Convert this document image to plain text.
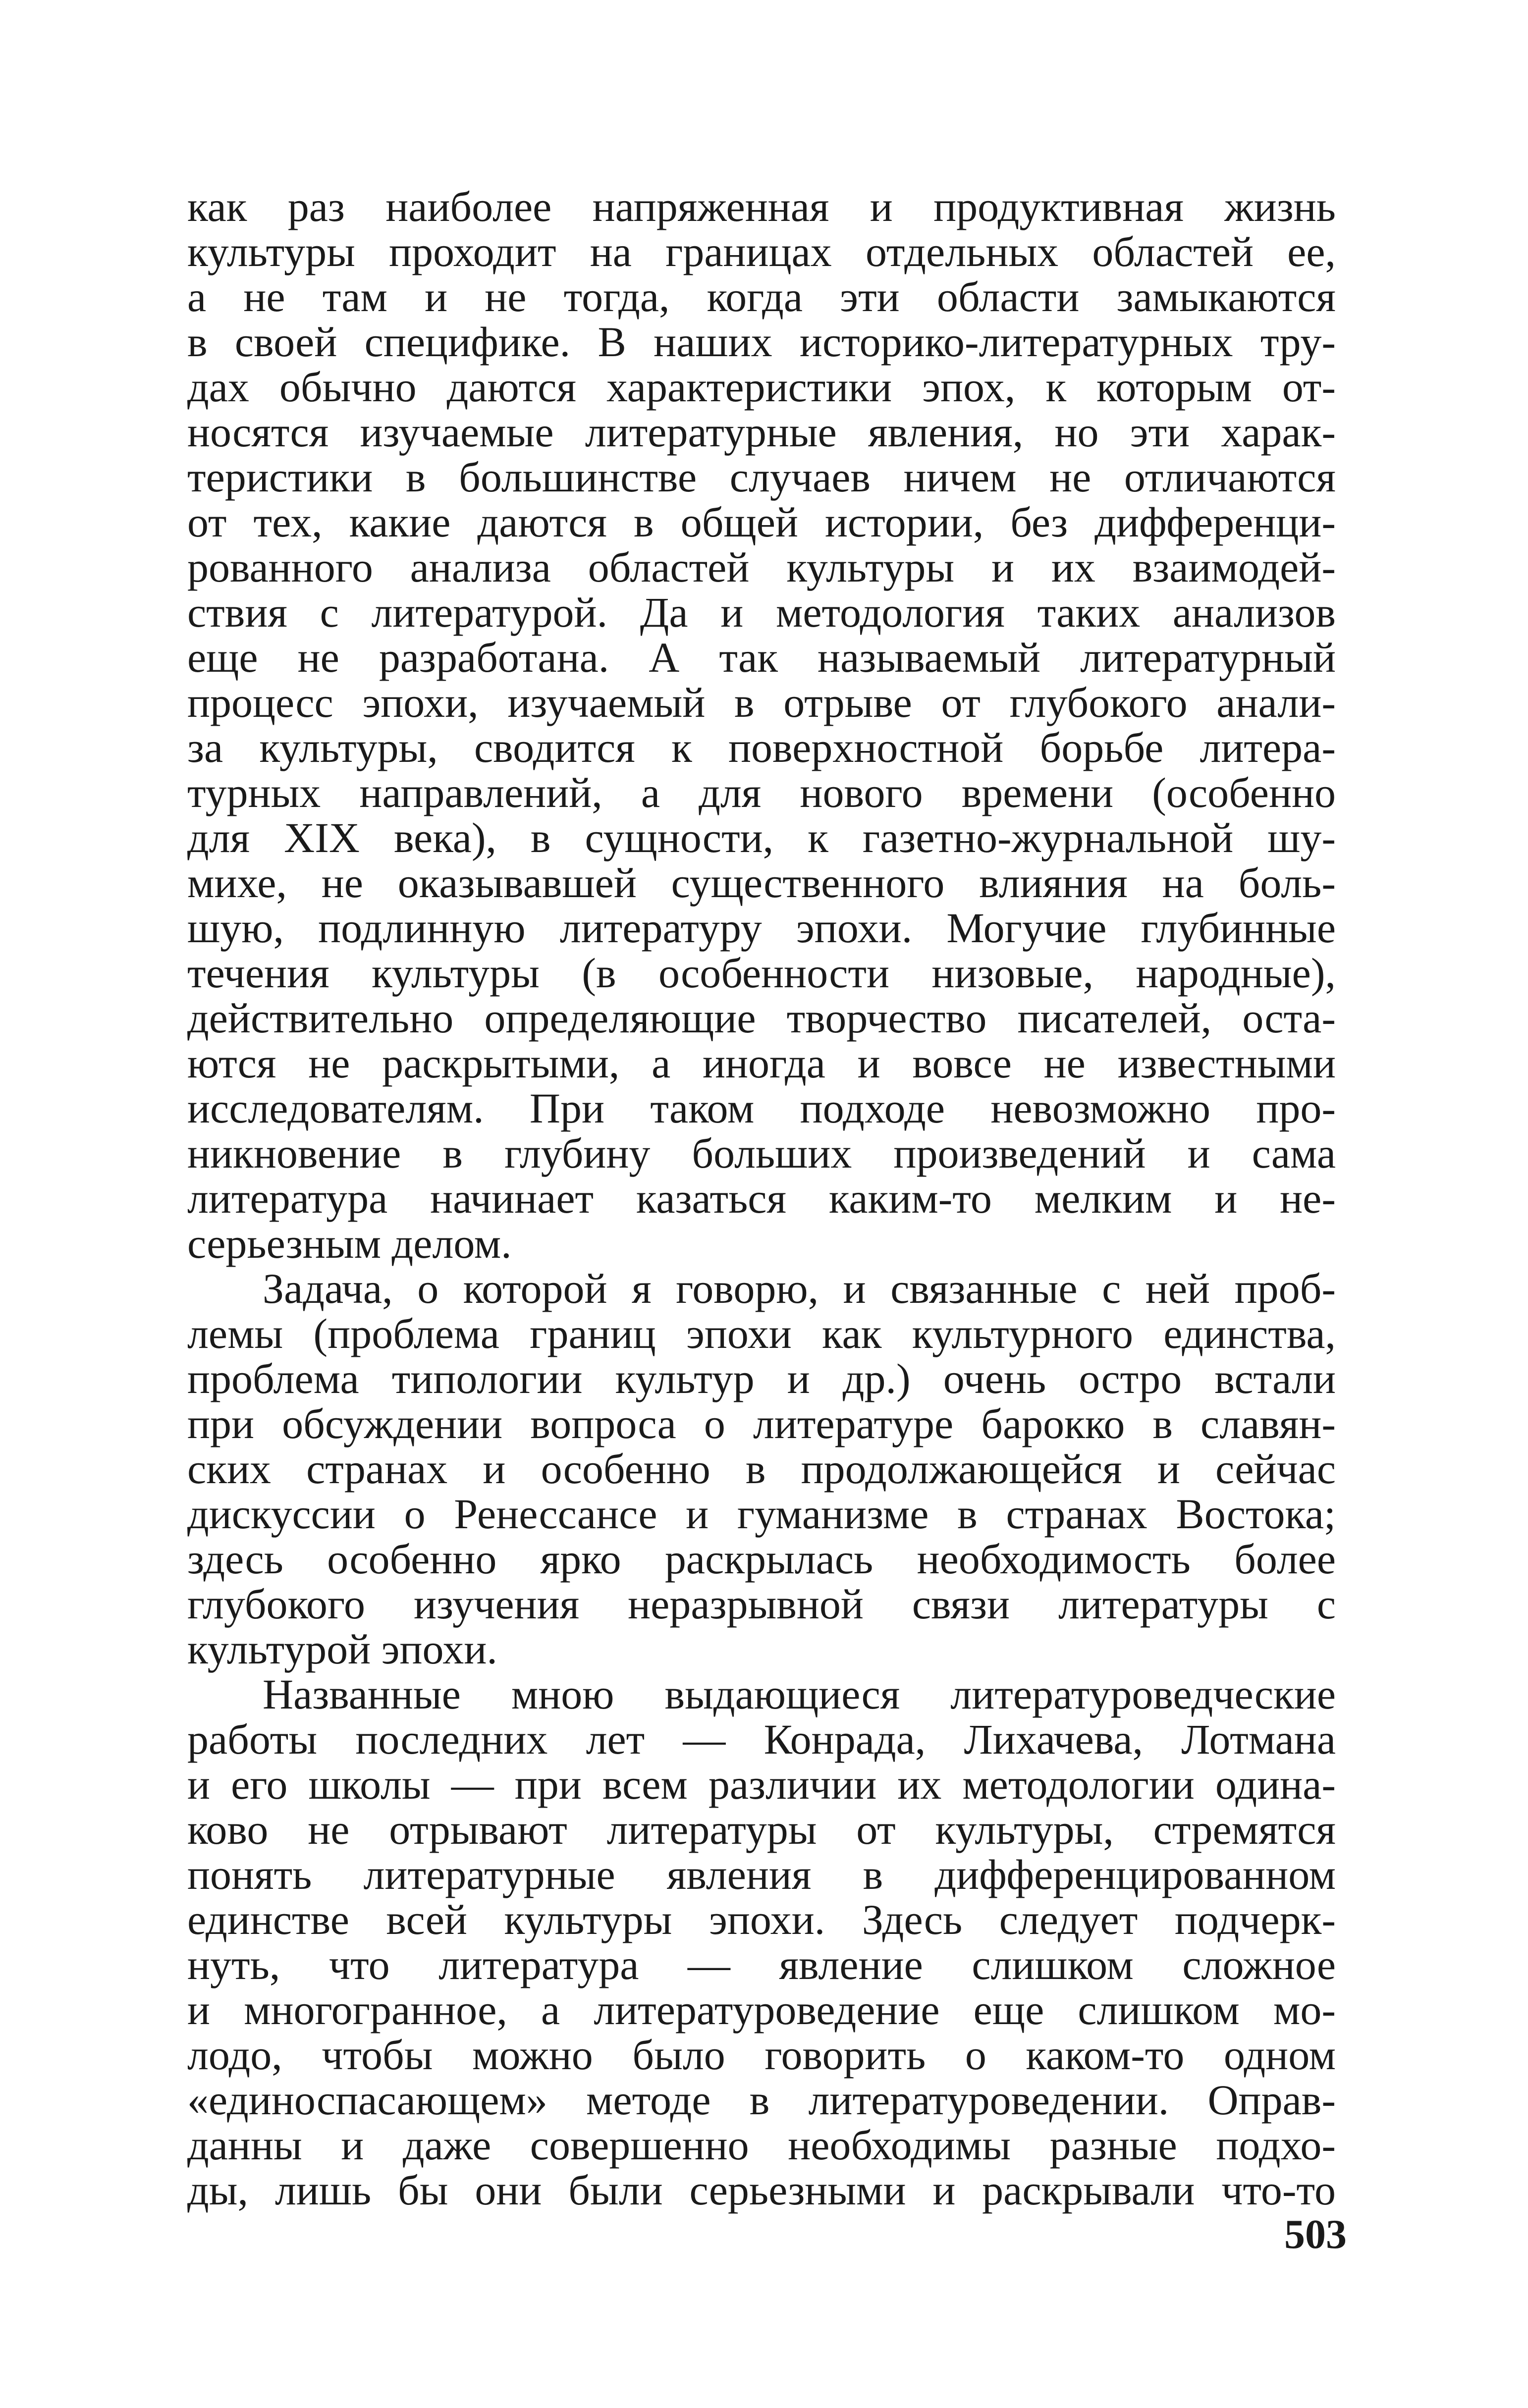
как раз наиболее напряженная и продуктивная жизнь
культуры проходит на границах отдельных областей ее,
а не там и не тогда, когда эти области замыкаются
в своей специфике. В наших историко-литературных тру-
дах обычно даются характеристики эпох, к которым от-
носятся изучаемые литературные явления, но эти харак-
теристики в большинстве случаев ничем не отличаются
от тех, какие даются в общей истории, без дифференци-
рованного анализа областей культуры и их взаимодей-
ствия с литературой. Да и методология таких анализов
еще не разработана. А так называемый литературный
процесс эпохи, изучаемый в отрыве от глубокого анали-
за культуры, сводится к поверхностной борьбе литера-
турных направлений, а для нового времени (особенно
для XIX века), в сущности, к газетно-журнальной шу-
михе, не оказывавшей существенного влияния на боль-
шую, подлинную литературу эпохи. Могучие глубинные
течения культуры (в особенности низовые, народные),
действительно определяющие творчество писателей, оста-
ются не раскрытыми, а иногда и вовсе не известными
исследователям. При таком подходе невозможно про-
никновение в глубину больших произведений и сама
литература начинает казаться каким-то мелким и не-
серьезным делом.
Задача, о которой я говорю, и связанные с ней проб-
лемы (проблема границ эпохи как культурного единства,
проблема типологии культур и др.) очень остро встали
при обсуждении вопроса о литературе барокко в славян-
ских странах и особенно в продолжающейся и сейчас
дискуссии о Ренессансе и гуманизме в странах Востока;
здесь особенно ярко раскрылась необходимость более
глубокого изучения неразрывной связи литературы с
культурой эпохи.
Названные мною выдающиеся литературоведческие
работы последних лет — Конрада, Лихачева, Лотмана
и его школы — при всем различии их методологии одина-
ково не отрывают литературы от культуры, стремятся
понять литературные явления в дифференцированном
единстве всей культуры эпохи. Здесь следует подчерк-
нуть, что литература — явление слишком сложное
и многогранное, а литературоведение еще слишком мо-
лодо, чтобы можно было говорить о каком-то одном
«единоспасающем» методе в литературоведении. Оправ-
данны и даже совершенно необходимы разные подхо-
ды, лишь бы они были серьезными и раскрывали что-то
503
